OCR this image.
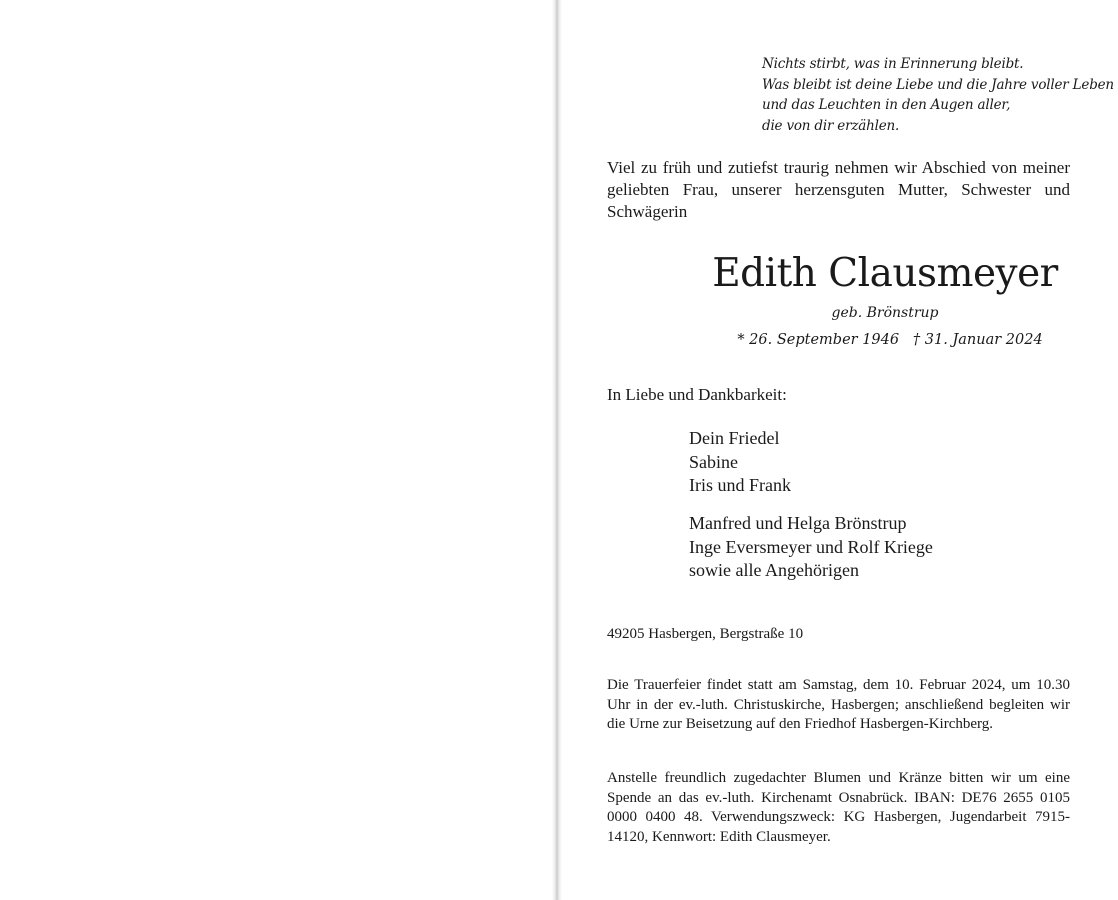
Nichts stirbt, was in Erinnerung bleibt.
Was bleibt ist deine Liebe und die Jahre voller Leben
und das Leuchten in den Augen aller,
die von dir erzählen.
Viel zu früh und zutiefst traurig nehmen wir Abschied von meiner geliebten Frau, unserer herzensguten Mutter, Schwester und Schwägerin
Edith Clausmeyer
geb. Brönstrup
* 26. September 1946   † 31. Januar 2024
In Liebe und Dankbarkeit:
Dein Friedel
Sabine
Iris und Frank
Manfred und Helga Brönstrup
Inge Eversmeyer und Rolf Kriege
sowie alle Angehörigen
49205 Hasbergen, Bergstraße 10
Die Trauerfeier findet statt am Samstag, dem 10. Februar 2024, um 10.30 Uhr in der ev.-luth. Christuskirche, Hasbergen; anschließend begleiten wir die Urne zur Beisetzung auf den Friedhof Hasbergen-Kirchberg.
Anstelle freundlich zugedachter Blumen und Kränze bitten wir um eine Spende an das ev.-luth. Kirchenamt Osnabrück. IBAN: DE76 2655 0105 0000 0400 48. Verwendungszweck: KG Hasbergen, Jugendarbeit 7915-14120, Kennwort: Edith Clausmeyer.
